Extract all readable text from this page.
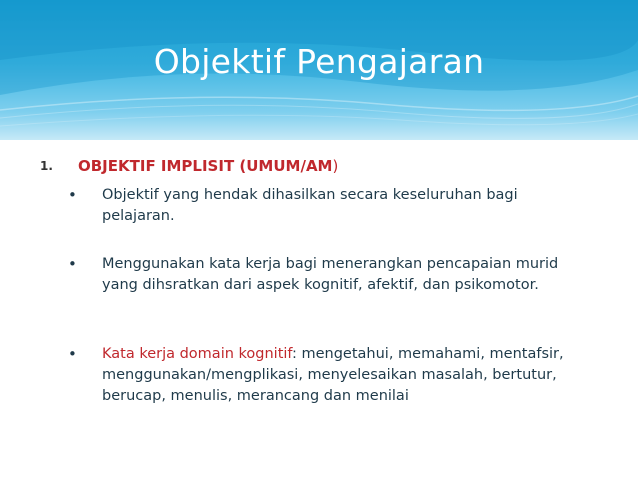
Objektif Pengajaran
1. OBJEKTIF IMPLISIT (UMUM/AM)
• Objektif yang hendak dihasilkan secara keseluruhan bagi pelajaran.
• Menggunakan kata kerja bagi menerangkan pencapaian murid yang dihsratkan dari aspek kognitif, afektif, dan psikomotor.
• Kata kerja domain kognitif: mengetahui, memahami, mentafsir, menggunakan/mengplikasi, menyelesaikan masalah, bertutur, berucap, menulis, merancang dan menilai
